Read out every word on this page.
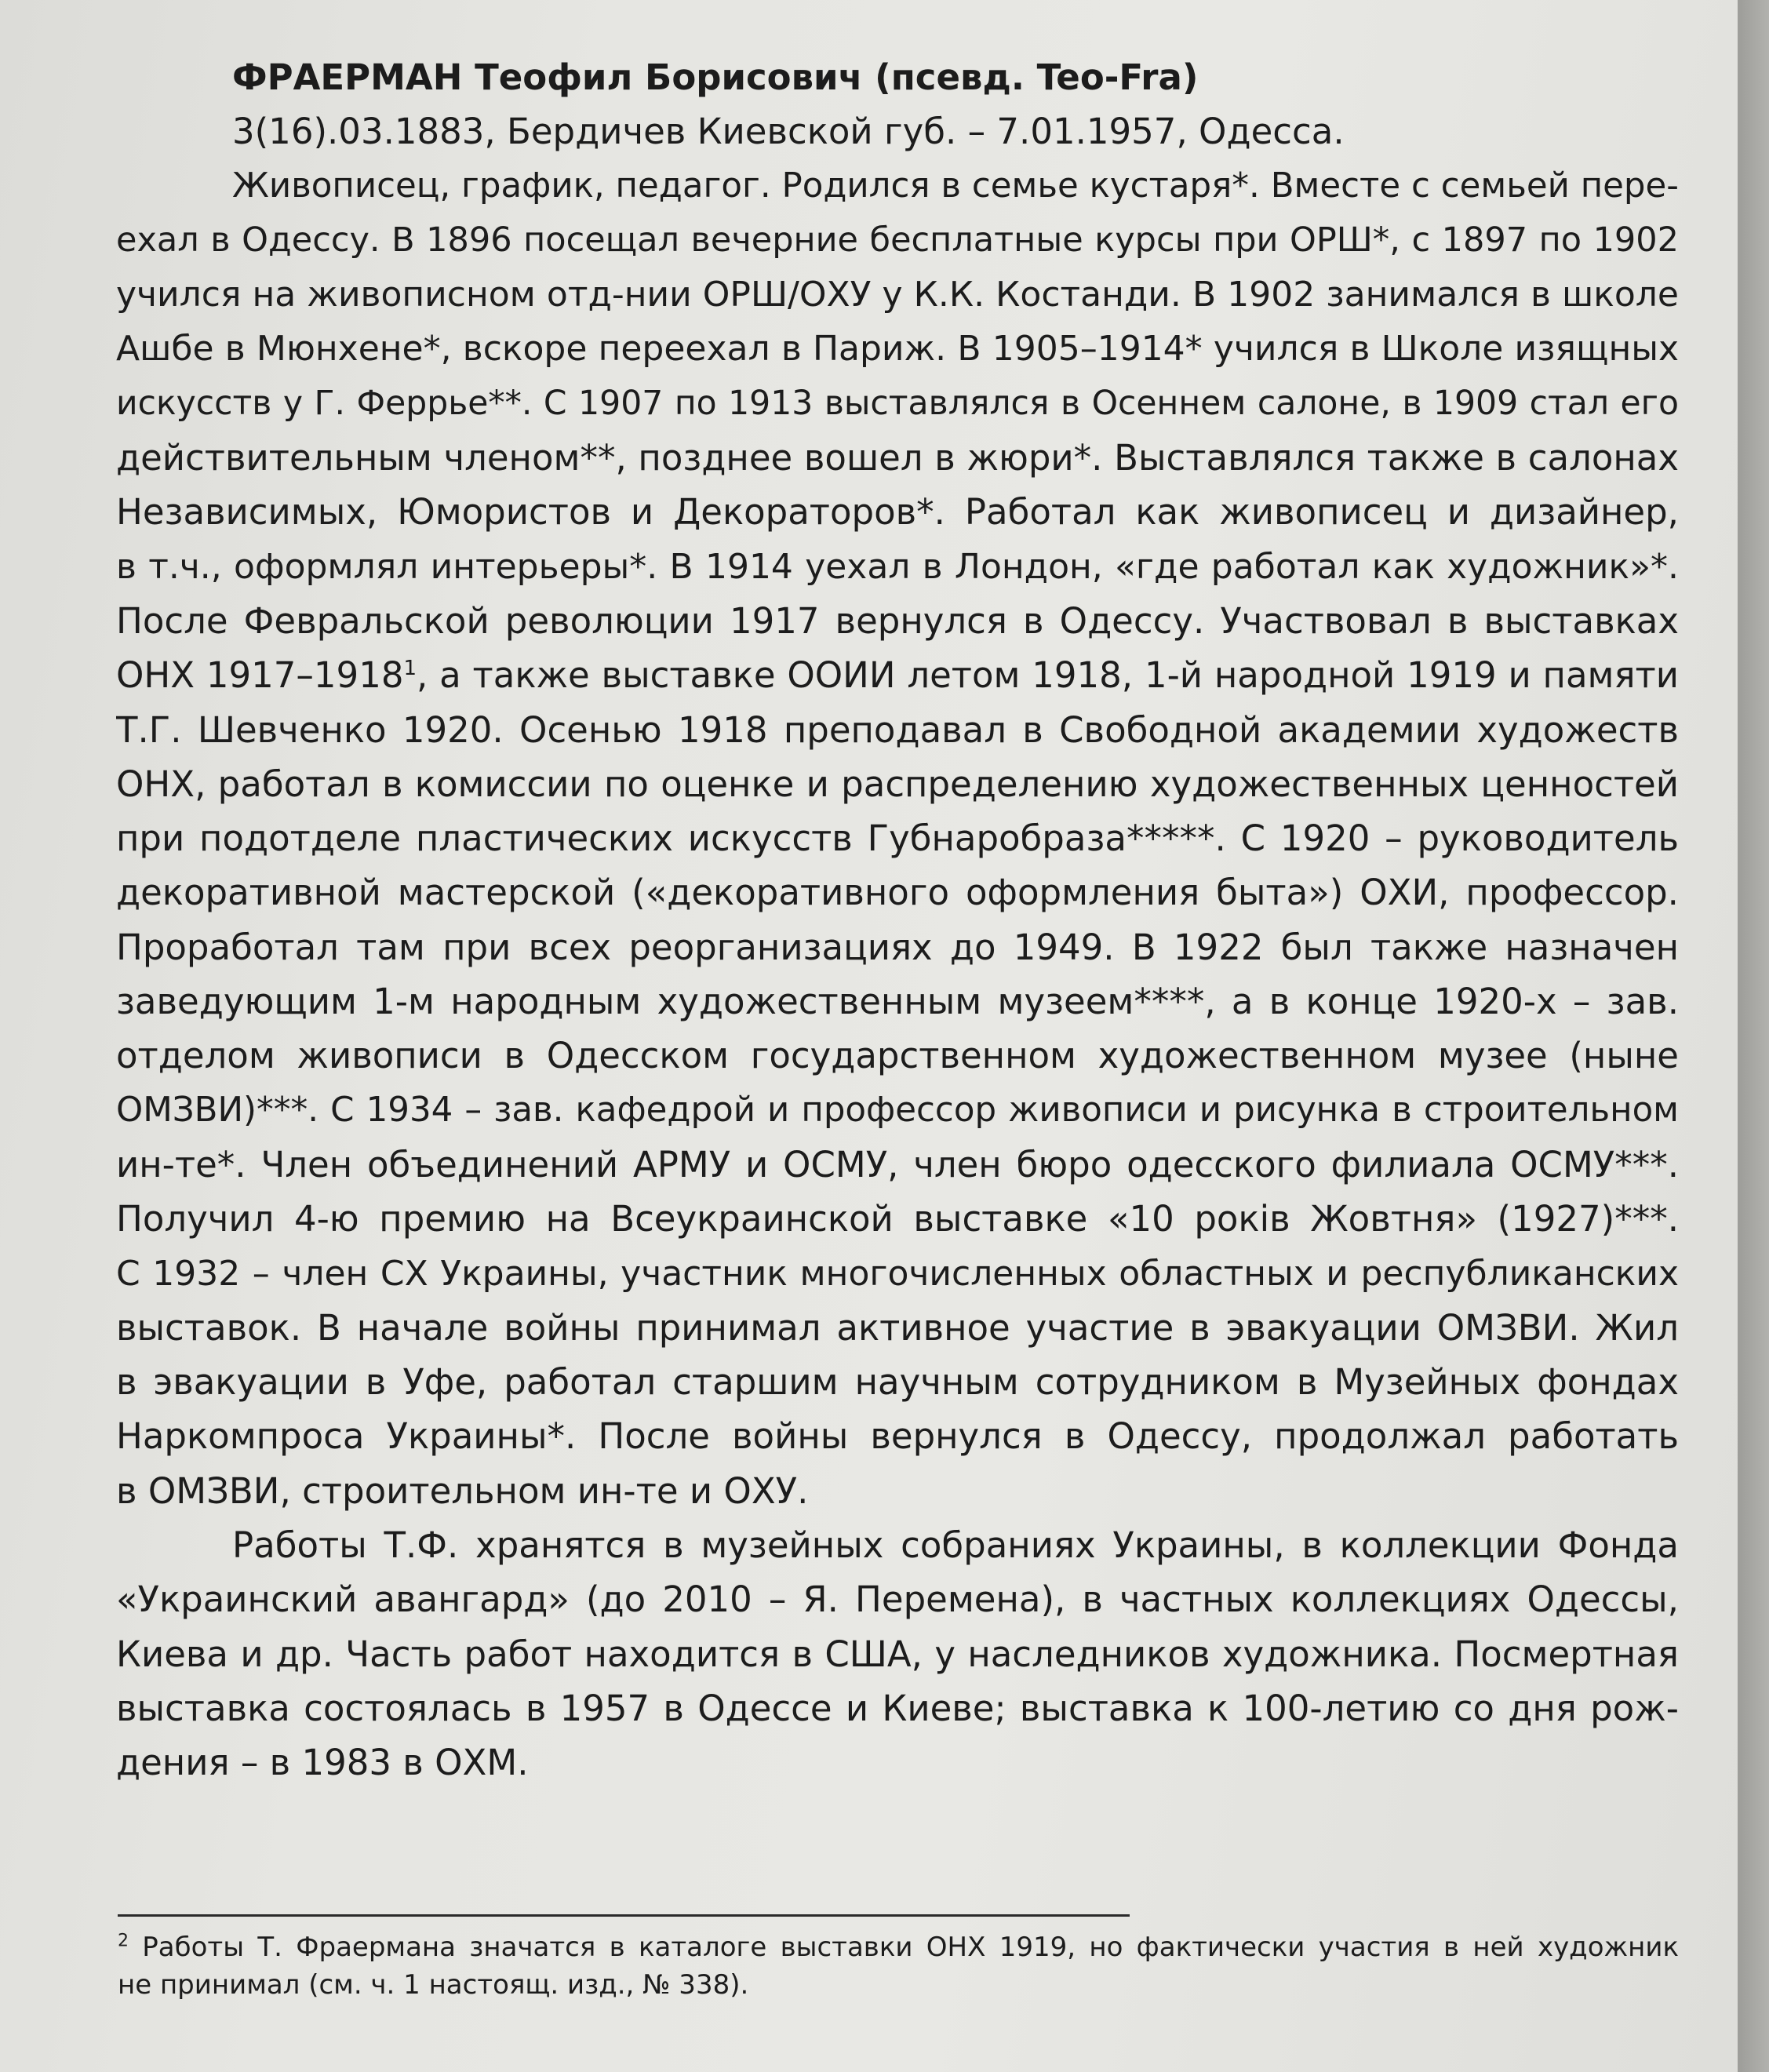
ФРАЕРМАН Теофил Борисович (псевд. Teo-Fra)
3(16).03.1883, Бердичев Киевской губ. – 7.01.1957, Одесса.
Живописец, график, педагог. Родился в семье кустаря*. Вместе с семьей пере-
ехал в Одессу. В 1896 посещал вечерние бесплатные курсы при ОРШ*, с 1897 по 1902
учился на живописном отд-нии ОРШ/ОХУ у К.К. Костанди. В 1902 занимался в школе
Ашбе в Мюнхене*, вскоре переехал в Париж. В 1905–1914* учился в Школе изящных
искусств у Г. Феррье**. С 1907 по 1913 выставлялся в Осеннем салоне, в 1909 стал его
действительным членом**, позднее вошел в жюри*. Выставлялся также в салонах
Независимых, Юмористов и Декораторов*. Работал как живописец и дизайнер,
в т.ч., оформлял интерьеры*. В 1914 уехал в Лондон, «где работал как художник»*.
После Февральской революции 1917 вернулся в Одессу. Участвовал в выставках
ОНХ 1917–1918$^1$, а также выставке ООИИ летом 1918, 1-й народной 1919 и памяти
Т.Г. Шевченко 1920. Осенью 1918 преподавал в Свободной академии художеств
ОНХ, работал в комиссии по оценке и распределению художественных ценностей
при подотделе пластических искусств Губнаробраза*****. С 1920 – руководитель
декоративной мастерской («декоративного оформления быта») ОХИ, профессор.
Проработал там при всех реорганизациях до 1949. В 1922 был также назначен
заведующим 1-м народным художественным музеем****, а в конце 1920-х – зав.
отделом живописи в Одесском государственном художественном музее (ныне
ОМЗВИ)***. С 1934 – зав. кафедрой и профессор живописи и рисунка в строительном
ин-те*. Член объединений АРМУ и ОСМУ, член бюро одесского филиала ОСМУ***.
Получил 4-ю премию на Всеукраинской выставке «10 років Жовтня» (1927)***.
С 1932 – член СХ Украины, участник многочисленных областных и республиканских
выставок. В начале войны принимал активное участие в эвакуации ОМЗВИ. Жил
в эвакуации в Уфе, работал старшим научным сотрудником в Музейных фондах
Наркомпроса Украины*. После войны вернулся в Одессу, продолжал работать
в ОМЗВИ, строительном ин-те и ОХУ.
Работы Т.Ф. хранятся в музейных собраниях Украины, в коллекции Фонда
«Украинский авангард» (до 2010 – Я. Перемена), в частных коллекциях Одессы,
Киева и др. Часть работ находится в США, у наследников художника. Посмертная
выставка состоялась в 1957 в Одессе и Киеве; выставка к 100-летию со дня рож-
дения – в 1983 в ОХМ.
$^2$ Работы Т. Фраермана значатся в каталоге выставки ОНХ 1919, но фактически участия в ней художник
не принимал (см. ч. 1 настоящ. изд., № 338).
